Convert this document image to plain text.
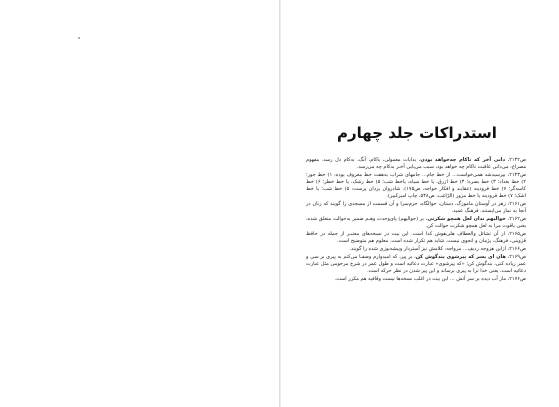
استدراکات جلد چهارم

ص۲۱۴۲، دانی آخر که تاکام چه‌خواهد بودن، بدایات معمولی، باکام، آنگ، به‌کام دل رسد. مفهوم مصراع: می‌دانی عاقبت ناکام چه خواهد بود، سبب می‌یابی آخـر به‌کام چه می‌رسد.

ص۲۱۴۳، بپرسیدشه همی‌خواست... از خط جام... جامهای شراب به‌هفت خط معروف بوده: ۱) خط جور؛ ۲) خط بغداد؛ ۳) خط بصره؛ ۴) خط ازرق، یا خط سیاه، یاخط شب؛ ۵) خط رشک، یا خط خطر؛ ۶) خط کاسه‌گر؛ ۷) خط فرودینه (عقایـد و افکار خواجه، ص۱۷۵). شادروان یزدان پرست: ۵) خط شب؛ یا خط اشک؛ ۷) خط فرودینه یا خط مزور (الرّاغب، ص۵۴۸، چاپ امیرکبیر).

ص۲۱۶۱، زهر در آوستان ماموزگ، دستان، حوالگاه، حرم‌سرا و آن قسمت از مسجدی را گویند که زنان در آنجا به نماز می‌ایستند. فرهنگ عمید.

ص۲۱۶۲، خوالیهم ندان لعل همچو شکرتی، بر (حوالیهم) پای‌وحدت وهـم ضمیر به‌حوالت متعلق شده، یعنی یاقوت مرا به لعل همچو شکرت حوالت کن.

ص۲۱۶۵، از آن تشائل والعطاف هلی‌هوش کدا است. این بیت در نسخه‌های معتبـر از جمله در حافظ قزوینی، فرهنگ، پژمان و انجوی نیست. شاید هم تکرار شده است. معلوم هم متوضیح است.

ص۲۱۶۶، ازاین هزوجه ردیف... مرواجه: کلامش نیز آستردار وبیشه‌بوزی شده را گویند.

ص۲۱۶۹، هان ای پسر که پیرشوی پندگوش کن، بر پیر، که امیدوارم وصفـا می‌کنم به پیری بر سی و عمر زیاده کنی، بندگوش کن؛ «که پیرشوی» عبارت دعائیه است و طول عمر در شرح مرحومی مثل عبارت دعائیه است، یعنی خدا ترا به پیری برساند و این پیر شدن در نظر حرکه است.

ص۲۱۷۶، ماز آب دیده بر سر آتش ... این بیت در اغلب نسخه‌ها نیست وقافیه هم مکرر است.
